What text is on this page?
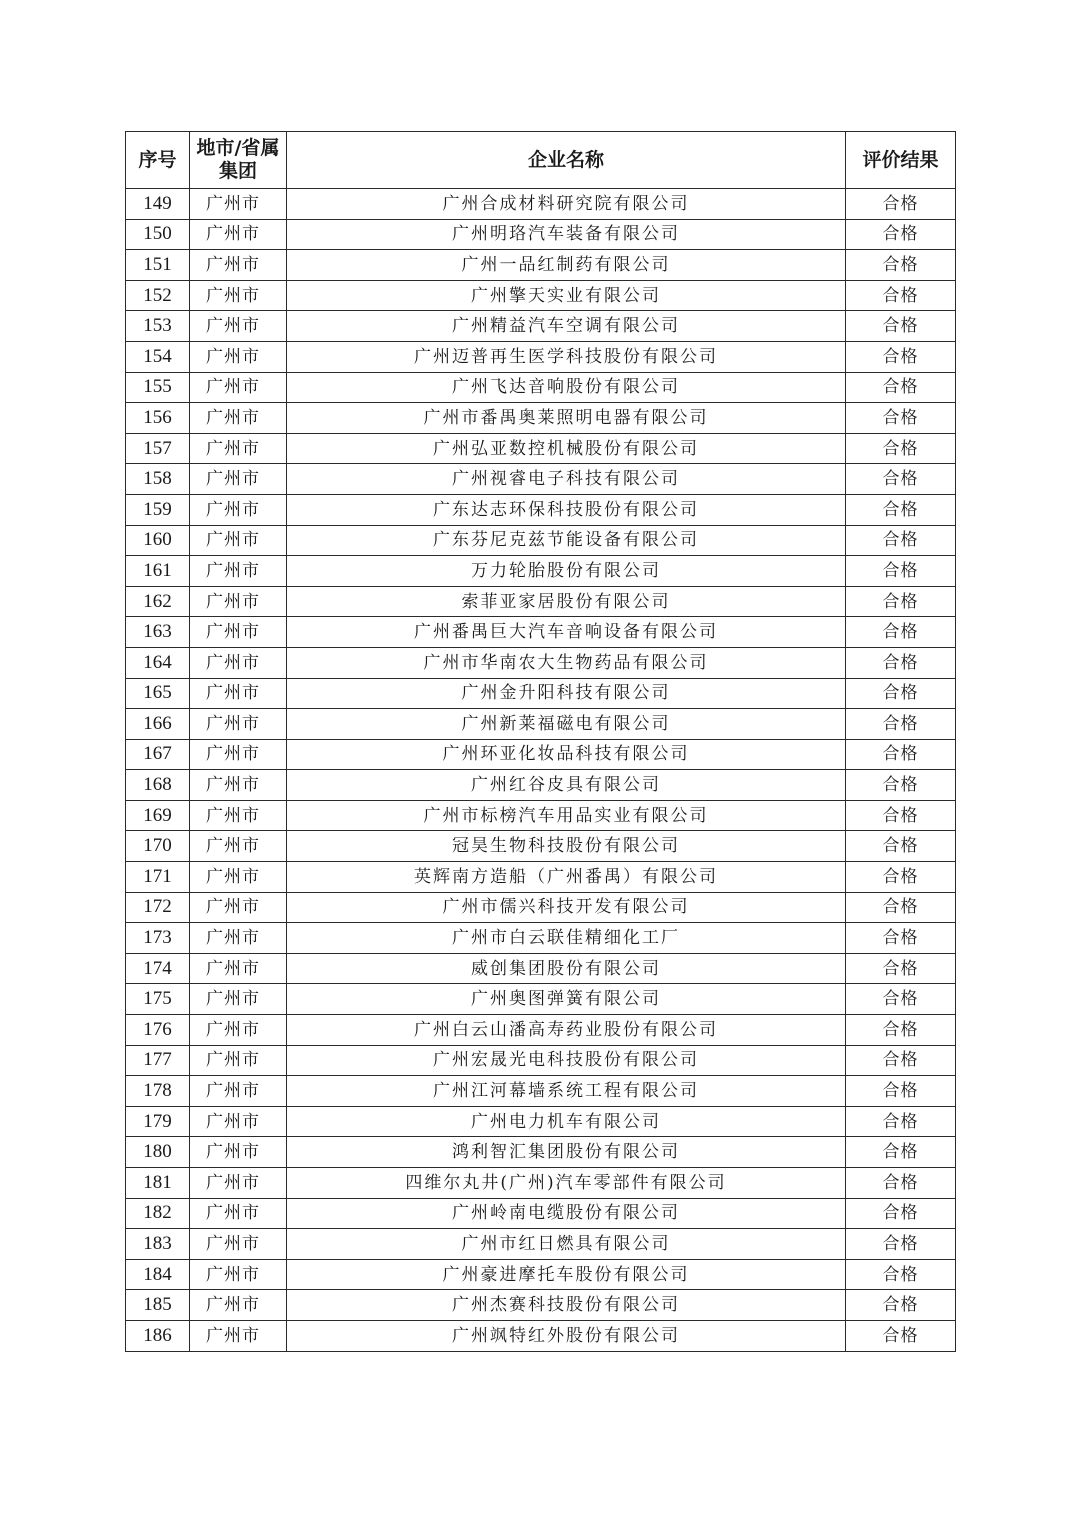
序号	地市/省属集团	企业名称	评价结果
149	广州市	广州合成材料研究院有限公司	合格
150	广州市	广州明珞汽车装备有限公司	合格
151	广州市	广州一品红制药有限公司	合格
152	广州市	广州擎天实业有限公司	合格
153	广州市	广州精益汽车空调有限公司	合格
154	广州市	广州迈普再生医学科技股份有限公司	合格
155	广州市	广州飞达音响股份有限公司	合格
156	广州市	广州市番禺奥莱照明电器有限公司	合格
157	广州市	广州弘亚数控机械股份有限公司	合格
158	广州市	广州视睿电子科技有限公司	合格
159	广州市	广东达志环保科技股份有限公司	合格
160	广州市	广东芬尼克兹节能设备有限公司	合格
161	广州市	万力轮胎股份有限公司	合格
162	广州市	索菲亚家居股份有限公司	合格
163	广州市	广州番禺巨大汽车音响设备有限公司	合格
164	广州市	广州市华南农大生物药品有限公司	合格
165	广州市	广州金升阳科技有限公司	合格
166	广州市	广州新莱福磁电有限公司	合格
167	广州市	广州环亚化妆品科技有限公司	合格
168	广州市	广州红谷皮具有限公司	合格
169	广州市	广州市标榜汽车用品实业有限公司	合格
170	广州市	冠昊生物科技股份有限公司	合格
171	广州市	英辉南方造船（广州番禺）有限公司	合格
172	广州市	广州市儒兴科技开发有限公司	合格
173	广州市	广州市白云联佳精细化工厂	合格
174	广州市	威创集团股份有限公司	合格
175	广州市	广州奥图弹簧有限公司	合格
176	广州市	广州白云山潘高寿药业股份有限公司	合格
177	广州市	广州宏晟光电科技股份有限公司	合格
178	广州市	广州江河幕墙系统工程有限公司	合格
179	广州市	广州电力机车有限公司	合格
180	广州市	鸿利智汇集团股份有限公司	合格
181	广州市	四维尔丸井(广州)汽车零部件有限公司	合格
182	广州市	广州岭南电缆股份有限公司	合格
183	广州市	广州市红日燃具有限公司	合格
184	广州市	广州豪进摩托车股份有限公司	合格
185	广州市	广州杰赛科技股份有限公司	合格
186	广州市	广州飒特红外股份有限公司	合格
